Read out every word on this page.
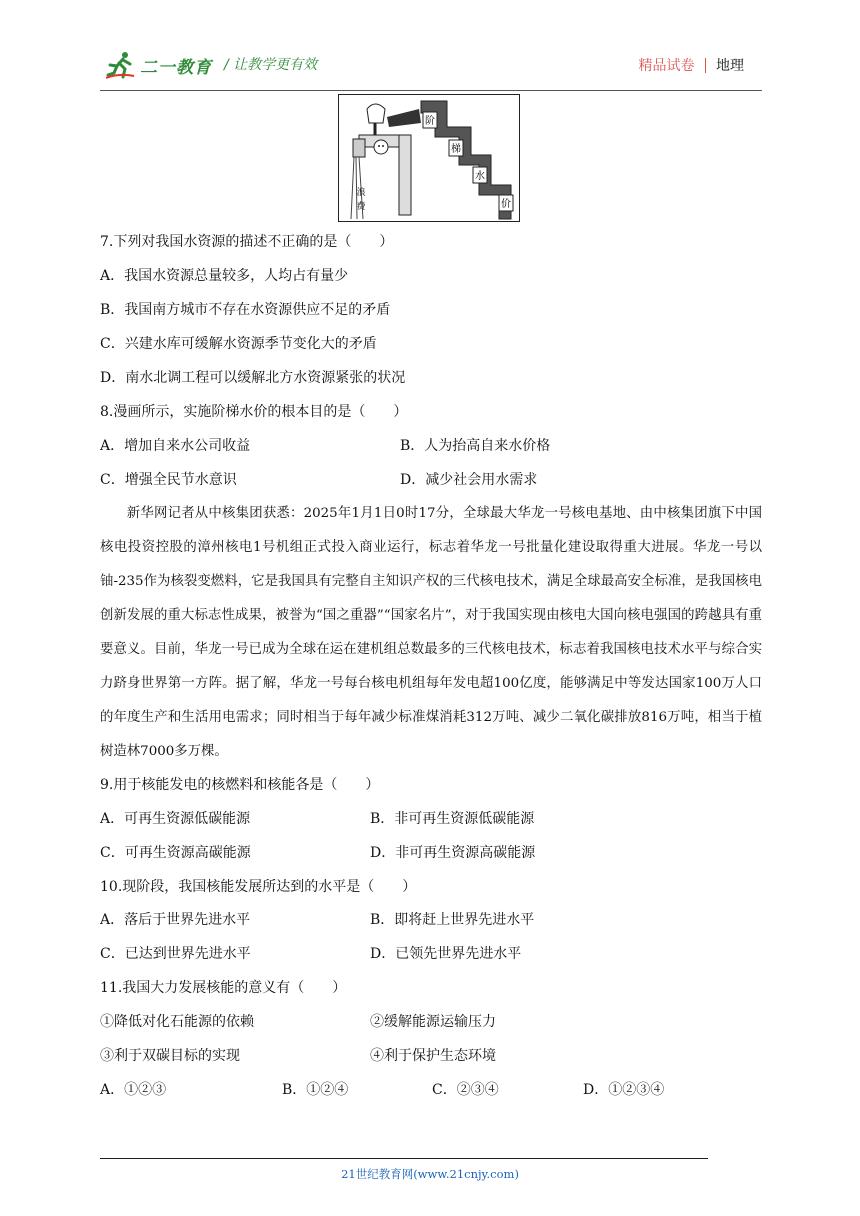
二一教育 / 让教学更有效	精品试卷 地理
阶
梯
水
价
浪
费
7.下列对我国水资源的描述不正确的是（　　）
A．我国水资源总量较多，人均占有量少
B．我国南方城市不存在水资源供应不足的矛盾
C．兴建水库可缓解水资源季节变化大的矛盾
D．南水北调工程可以缓解北方水资源紧张的状况
8.漫画所示，实施阶梯水价的根本目的是（　　）
A．增加自来水公司收益	B．人为抬高自来水价格
C．增强全民节水意识	D．减少社会用水需求
新华网记者从中核集团获悉：2025年1月1日0时17分，全球最大华龙一号核电基地、由中核集团旗下中国核电投资控股的漳州核电1号机组正式投入商业运行，标志着华龙一号批量化建设取得重大进展。华龙一号以铀-235作为核裂变燃料，它是我国具有完整自主知识产权的三代核电技术，满足全球最高安全标准，是我国核电创新发展的重大标志性成果，被誉为“国之重器”“国家名片”，对于我国实现由核电大国向核电强国的跨越具有重要意义。目前，华龙一号已成为全球在运在建机组总数最多的三代核电技术，标志着我国核电技术水平与综合实力跻身世界第一方阵。据了解，华龙一号每台核电机组每年发电超100亿度，能够满足中等发达国家100万人口的年度生产和生活用电需求；同时相当于每年减少标准煤消耗312万吨、减少二氧化碳排放816万吨，相当于植树造林7000多万棵。
9.用于核能发电的核燃料和核能各是（　　）
A．可再生资源低碳能源	B．非可再生资源低碳能源
C．可再生资源高碳能源	D．非可再生资源高碳能源
10.现阶段，我国核能发展所达到的水平是（　　）
A．落后于世界先进水平	B．即将赶上世界先进水平
C．已达到世界先进水平	D．已领先世界先进水平
11.我国大力发展核能的意义有（　　）
①降低对化石能源的依赖	②缓解能源运输压力
③利于双碳目标的实现	④利于保护生态环境
A．①②③	B．①②④	C．②③④	D．①②③④
21世纪教育网(www.21cnjy.com)
